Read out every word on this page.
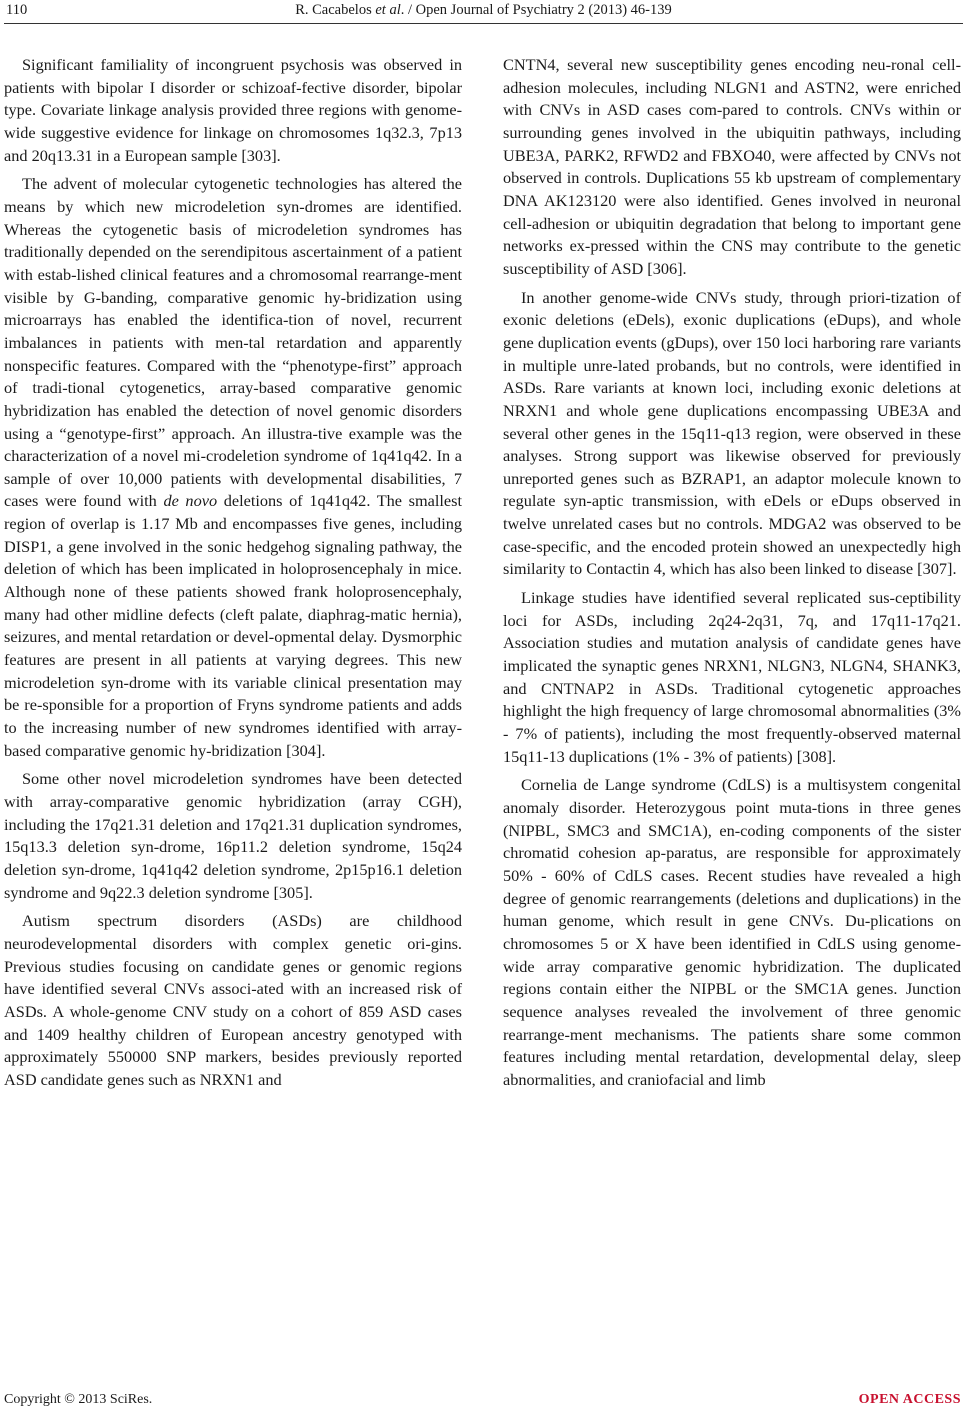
110	R. Cacabelos et al. / Open Journal of Psychiatry 2 (2013) 46-139

Significant familiality of incongruent psychosis was observed in patients with bipolar I disorder or schizoaf-fective disorder, bipolar type. Covariate linkage analysis provided three regions with genome-wide suggestive evidence for linkage on chromosomes 1q32.3, 7p13 and 20q13.31 in a European sample [303].

The advent of molecular cytogenetic technologies has altered the means by which new microdeletion syn-dromes are identified. Whereas the cytogenetic basis of microdeletion syndromes has traditionally depended on the serendipitous ascertainment of a patient with estab-lished clinical features and a chromosomal rearrange-ment visible by G-banding, comparative genomic hy-bridization using microarrays has enabled the identifica-tion of novel, recurrent imbalances in patients with men-tal retardation and apparently nonspecific features. Compared with the “phenotype-first” approach of tradi-tional cytogenetics, array-based comparative genomic hybridization has enabled the detection of novel genomic disorders using a “genotype-first” approach. An illustra-tive example was the characterization of a novel mi-crodeletion syndrome of 1q41q42. In a sample of over 10,000 patients with developmental disabilities, 7 cases were found with de novo deletions of 1q41q42. The smallest region of overlap is 1.17 Mb and encompasses five genes, including DISP1, a gene involved in the sonic hedgehog signaling pathway, the deletion of which has been implicated in holoprosencephaly in mice. Although none of these patients showed frank holoprosencephaly, many had other midline defects (cleft palate, diaphrag-matic hernia), seizures, and mental retardation or devel-opmental delay. Dysmorphic features are present in all patients at varying degrees. This new microdeletion syn-drome with its variable clinical presentation may be re-sponsible for a proportion of Fryns syndrome patients and adds to the increasing number of new syndromes identified with array-based comparative genomic hy-bridization [304].

Some other novel microdeletion syndromes have been detected with array-comparative genomic hybridization (array CGH), including the 17q21.31 deletion and 17q21.31 duplication syndromes, 15q13.3 deletion syn-drome, 16p11.2 deletion syndrome, 15q24 deletion syn-drome, 1q41q42 deletion syndrome, 2p15p16.1 deletion syndrome and 9q22.3 deletion syndrome [305].

Autism spectrum disorders (ASDs) are childhood neurodevelopmental disorders with complex genetic ori-gins. Previous studies focusing on candidate genes or genomic regions have identified several CNVs associ-ated with an increased risk of ASDs. A whole-genome CNV study on a cohort of 859 ASD cases and 1409 healthy children of European ancestry genotyped with approximately 550000 SNP markers, besides previously reported ASD candidate genes such as NRXN1 and

CNTN4, several new susceptibility genes encoding neu-ronal cell-adhesion molecules, including NLGN1 and ASTN2, were enriched with CNVs in ASD cases com-pared to controls. CNVs within or surrounding genes involved in the ubiquitin pathways, including UBE3A, PARK2, RFWD2 and FBXO40, were affected by CNVs not observed in controls. Duplications 55 kb upstream of complementary DNA AK123120 were also identified. Genes involved in neuronal cell-adhesion or ubiquitin degradation that belong to important gene networks ex-pressed within the CNS may contribute to the genetic susceptibility of ASD [306].

In another genome-wide CNVs study, through priori-tization of exonic deletions (eDels), exonic duplications (eDups), and whole gene duplication events (gDups), over 150 loci harboring rare variants in multiple unre-lated probands, but no controls, were identified in ASDs. Rare variants at known loci, including exonic deletions at NRXN1 and whole gene duplications encompassing UBE3A and several other genes in the 15q11-q13 region, were observed in these analyses. Strong support was likewise observed for previously unreported genes such as BZRAP1, an adaptor molecule known to regulate syn-aptic transmission, with eDels or eDups observed in twelve unrelated cases but no controls. MDGA2 was observed to be case-specific, and the encoded protein showed an unexpectedly high similarity to Contactin 4, which has also been linked to disease [307].

Linkage studies have identified several replicated sus-ceptibility loci for ASDs, including 2q24-2q31, 7q, and 17q11-17q21. Association studies and mutation analysis of candidate genes have implicated the synaptic genes NRXN1, NLGN3, NLGN4, SHANK3, and CNTNAP2 in ASDs. Traditional cytogenetic approaches highlight the high frequency of large chromosomal abnormalities (3% - 7% of patients), including the most frequently-observed maternal 15q11-13 duplications (1% - 3% of patients) [308].

Cornelia de Lange syndrome (CdLS) is a multisystem congenital anomaly disorder. Heterozygous point muta-tions in three genes (NIPBL, SMC3 and SMC1A), en-coding components of the sister chromatid cohesion ap-paratus, are responsible for approximately 50% - 60% of CdLS cases. Recent studies have revealed a high degree of genomic rearrangements (deletions and duplications) in the human genome, which result in gene CNVs. Du-plications on chromosomes 5 or X have been identified in CdLS using genome-wide array comparative genomic hybridization. The duplicated regions contain either the NIPBL or the SMC1A genes. Junction sequence analyses revealed the involvement of three genomic rearrange-ment mechanisms. The patients share some common features including mental retardation, developmental delay, sleep abnormalities, and craniofacial and limb

Copyright © 2013 SciRes.	OPEN ACCESS
